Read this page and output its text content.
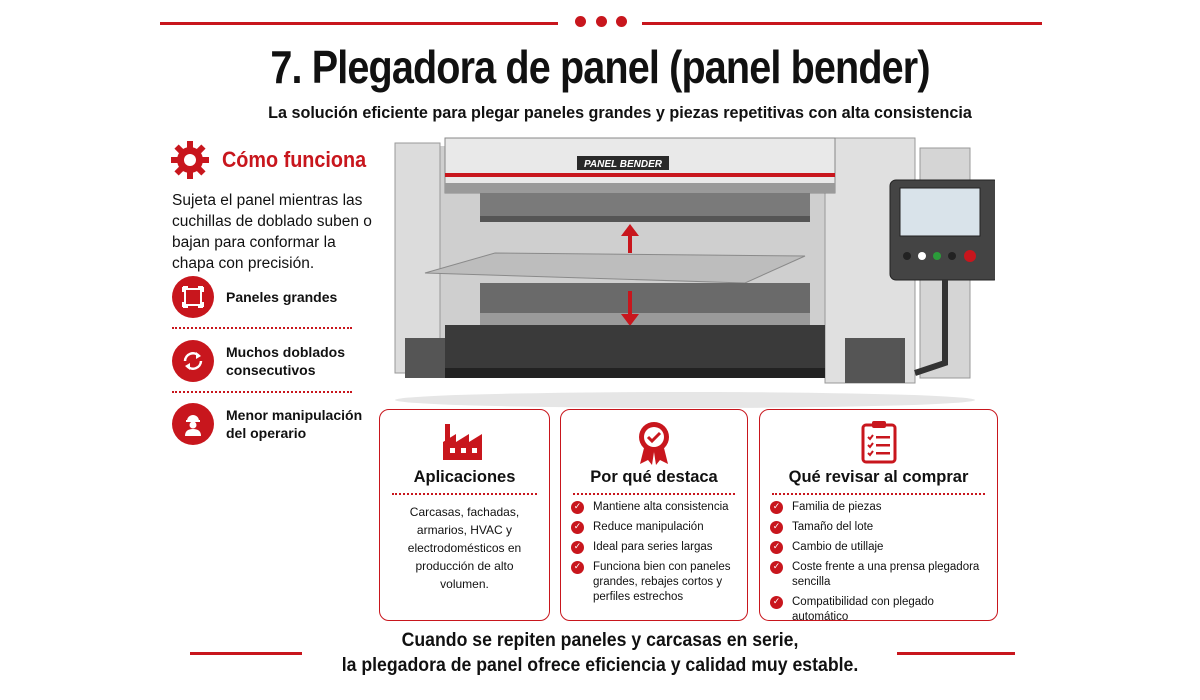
7. Plegadora de panel (panel bender)
La solución eficiente para plegar paneles grandes y piezas repetitivas con alta consistencia
Cómo funciona

Sujeta el panel mientras las cuchillas de doblado suben o bajan para conformar la chapa con precisión.

Paneles grandes
Muchos doblados consecutivos
Menor manipulación del operario
PANEL BENDER
Aplicaciones
Carcasas, fachadas, armarios, HVAC y electrodomésticos en producción de alto volumen.
Por qué destaca
✓ Mantiene alta consistencia
✓ Reduce manipulación
✓ Ideal para series largas
✓ Funciona bien con paneles grandes, rebajes cortos y perfiles estrechos
Qué revisar al comprar
✓ Familia de piezas
✓ Tamaño del lote
✓ Cambio de utillaje
✓ Coste frente a una prensa plegadora sencilla
✓ Compatibilidad con plegado automático
Cuando se repiten paneles y carcasas en serie,
la plegadora de panel ofrece eficiencia y calidad muy estable.
